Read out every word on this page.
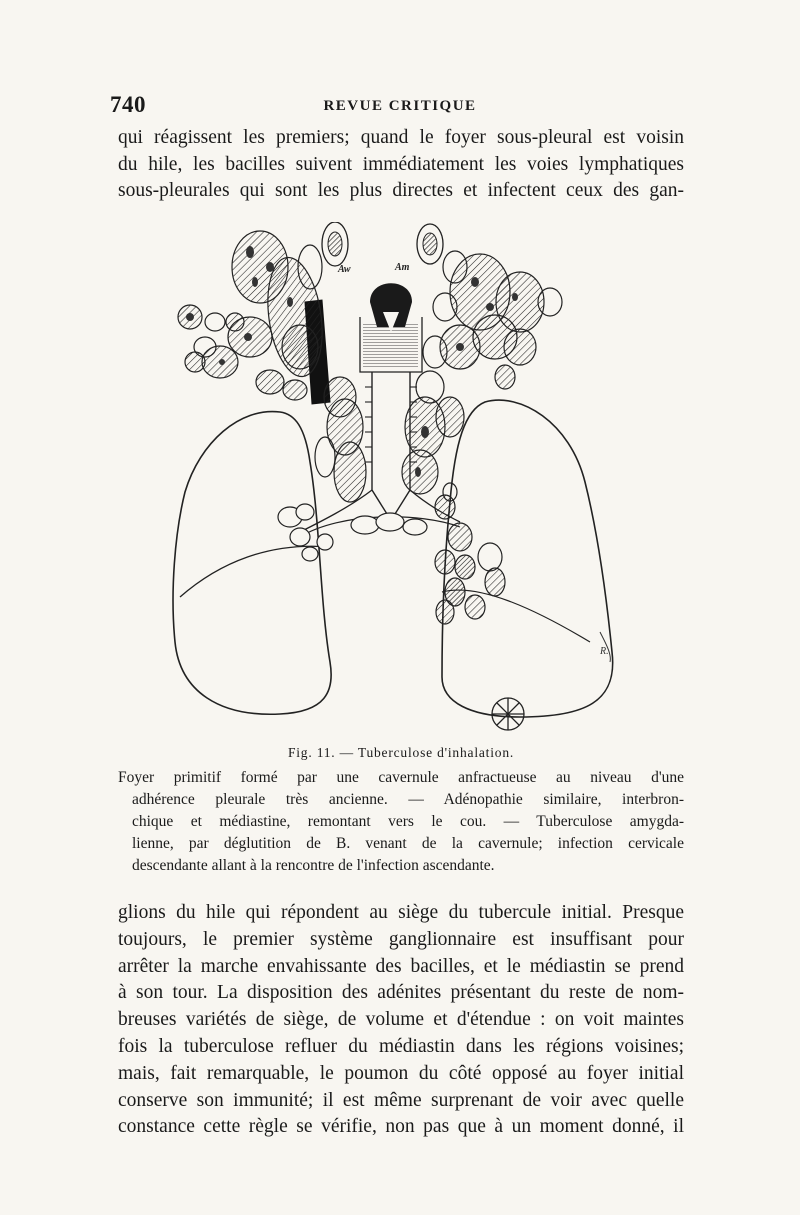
740	REVUE CRITIQUE
qui réagissent les premiers; quand le foyer sous-pleural est voisin
du hile, les bacilles suivent immédiatement les voies lymphatiques
sous-pleurales qui sont les plus directes et infectent ceux des gan-
Aw	Am
R.
Fig. 11. — Tuberculose d'inhalation.
Foyer primitif formé par une cavernule anfractueuse au niveau d'une
adhérence pleurale très ancienne. — Adénopathie similaire, interbron-
chique et médiastine, remontant vers le cou. — Tuberculose amygda-
lienne, par déglutition de B. venant de la cavernule; infection cervicale
descendante allant à la rencontre de l'infection ascendante.
glions du hile qui répondent au siège du tubercule initial. Presque
toujours, le premier système ganglionnaire est insuffisant pour
arrêter la marche envahissante des bacilles, et le médiastin se prend
à son tour. La disposition des adénites présentant du reste de nom-
breuses variétés de siège, de volume et d'étendue : on voit maintes
fois la tuberculose refluer du médiastin dans les régions voisines;
mais, fait remarquable, le poumon du côté opposé au foyer initial
conserve son immunité; il est même surprenant de voir avec quelle
constance cette règle se vérifie, non pas que à un moment donné, il
